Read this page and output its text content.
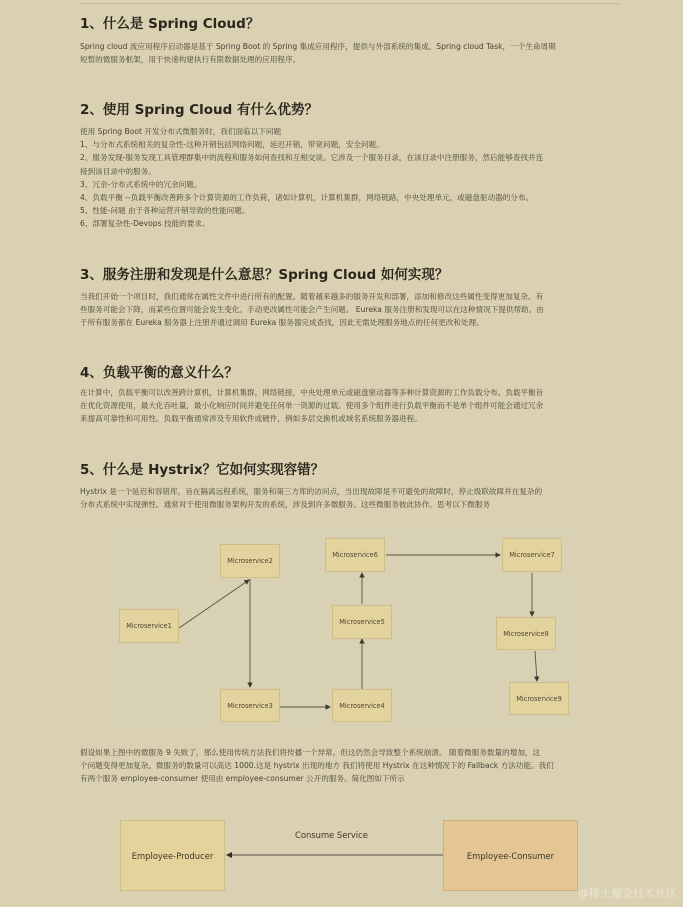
1、什么是 Spring Cloud？
Spring cloud 流应用程序启动器是基于 Spring Boot 的 Spring 集成应用程序，提供与外部系统的集成。Spring cloud Task，一个生命周期
短暂的微服务框架，用于快速构建执行有限数据处理的应用程序。
2、使用 Spring Cloud 有什么优势？
使用 Spring Boot 开发分布式微服务时，我们面临以下问题
1、与分布式系统相关的复杂性-这种开销包括网络问题，延迟开销，带宽问题，安全问题。
2、服务发现-服务发现工具管理群集中的流程和服务如何查找和互相交谈。它涉及一个服务目录，在该目录中注册服务，然后能够查找并连
接到该目录中的服务。
3、冗余-分布式系统中的冗余问题。
4、负载平衡 --负载平衡改善跨多个计算资源的工作负荷，诸如计算机，计算机集群，网络链路，中央处理单元，或磁盘驱动器的分布。
5、性能-问题 由于各种运营开销导致的性能问题。
6、部署复杂性-Devops 技能的要求。
3、服务注册和发现是什么意思？Spring Cloud 如何实现？
当我们开始一个项目时，我们通常在属性文件中进行所有的配置。随着越来越多的服务开发和部署，添加和修改这些属性变得更加复杂。有
些服务可能会下降，而某些位置可能会发生变化。手动更改属性可能会产生问题。 Eureka 服务注册和发现可以在这种情况下提供帮助。由
于所有服务都在 Eureka 服务器上注册并通过调用 Eureka 服务器完成查找，因此无需处理服务地点的任何更改和处理。
4、负载平衡的意义什么？
在计算中，负载平衡可以改善跨计算机，计算机集群，网络链接，中央处理单元或磁盘驱动器等多种计算资源的工作负载分布。负载平衡旨
在优化资源使用，最大化吞吐量，最小化响应时间并避免任何单一资源的过载。使用多个组件进行负载平衡而不是单个组件可能会通过冗余
来提高可靠性和可用性。负载平衡通常涉及专用软件或硬件，例如多层交换机或域名系统服务器进程。
5、什么是 Hystrix？它如何实现容错？
Hystrix 是一个延迟和容错库，旨在隔离远程系统，服务和第三方库的访问点，当出现故障是不可避免的故障时，停止级联故障并在复杂的
分布式系统中实现弹性。通常对于使用微服务架构开发的系统，涉及到许多微服务。这些微服务彼此协作。思考以下微服务
Microservice1
Microservice2
Microservice3	Microservice4
Microservice5
Microservice6	Microservice7
Microservice8
Microservice9
假设如果上图中的微服务 9 失败了，那么使用传统方法我们将传播一个异常。但这仍然会导致整个系统崩溃。 随着微服务数量的增加，这
个问题变得更加复杂。微服务的数量可以高达 1000.这是 hystrix 出现的地方 我们将使用 Hystrix 在这种情况下的 Fallback 方法功能。我们
有两个服务 employee-consumer 使用由 employee-consumer 公开的服务。简化图如下所示
Employee-Producer	Employee-Consumer
Consume Service
@稀土掘金技术社区
